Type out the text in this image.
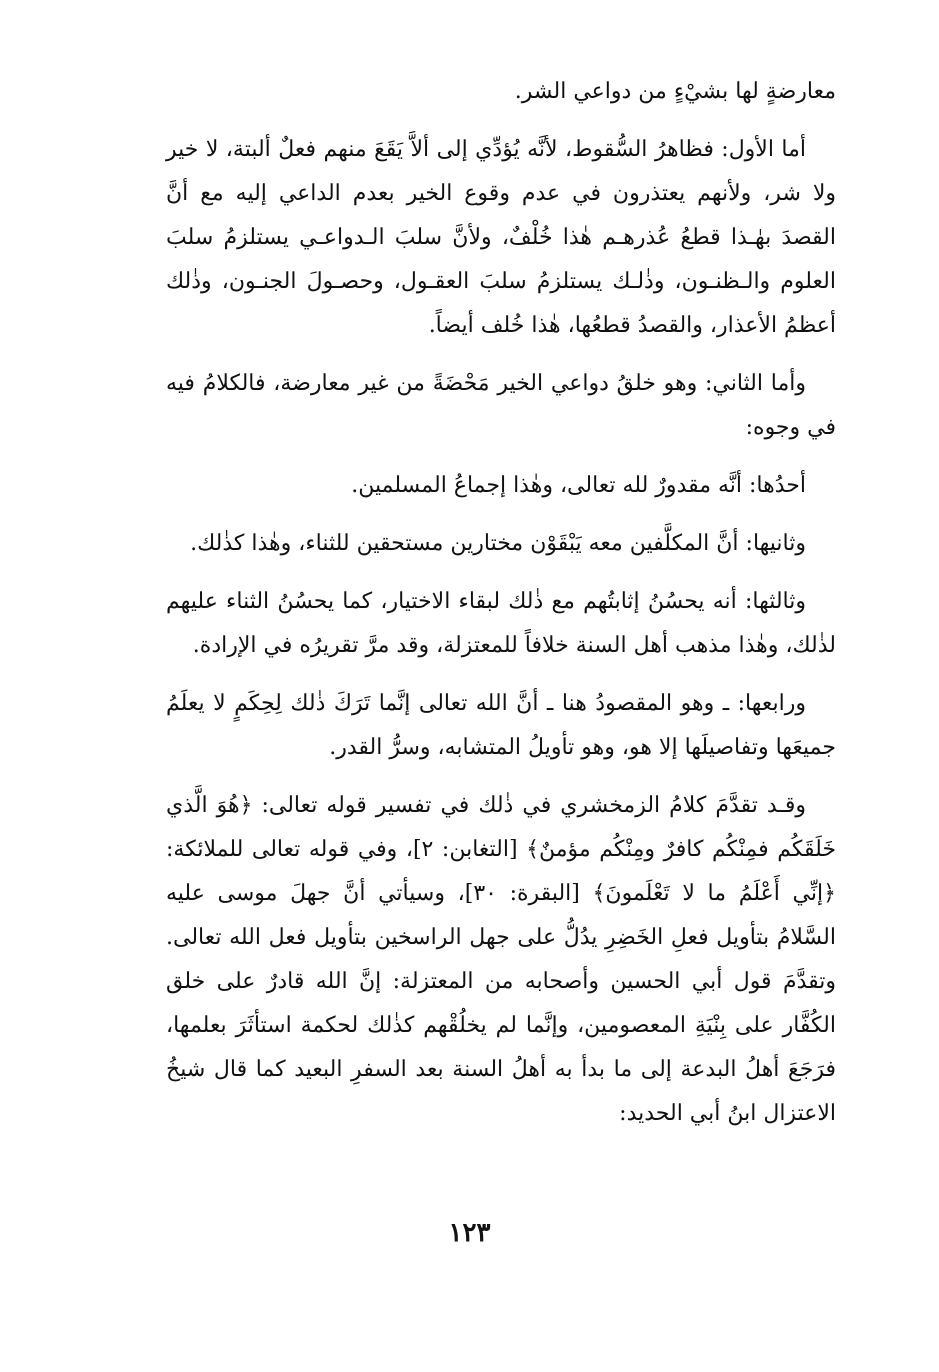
معارضةٍ لها بشيْءٍ من دواعي الشر.

أما الأول: فظاهرُ السُّقوط، لأنَّه يُؤدِّي إلى ألاَّ يَقَعَ منهم فعلٌ ألبتة، لا خير ولا شر، ولأنهم يعتذرون في عدم وقوع الخير بعدم الداعي إليه مع أنَّ القصدَ بهٰـذا قطعُ عُذرهـم هٰذا خُلْفٌ، ولأنَّ سلبَ الـدواعـي يستلزمُ سلبَ العلوم والـظنـون، وذٰلـك يستلزمُ سلبَ العقـول، وحصـولَ الجنـون، وذٰلك أعظمُ الأعذار، والقصدُ قطعُها، هٰذا خُلف أيضاً.

وأما الثاني: وهو خلقُ دواعي الخير مَحْضَةً من غير معارضة، فالكلامُ فيه في وجوه:

أحدُها: أنَّه مقدورٌ لله تعالى، وهٰذا إجماعُ المسلمين.

وثانيها: أنَّ المكلَّفين معه يَبْقَوْن مختارين مستحقين للثناء، وهٰذا كذٰلك.

وثالثها: أنه يحسُنُ إثابتُهم مع ذٰلك لبقاء الاختيار، كما يحسُنُ الثناء عليهم لذٰلك، وهٰذا مذهب أهل السنة خلافاً للمعتزلة، وقد مرَّ تقريرُه في الإرادة.

ورابعها: ـ وهو المقصودُ هنا ـ أنَّ الله تعالى إنَّما تَرَكَ ذٰلك لِحِكَمٍ لا يعلَمُ جميعَها وتفاصيلَها إلا هو، وهو تأويلُ المتشابه، وسرُّ القدر.

وقـد تقدَّمَ كلامُ الزمخشري في ذٰلك في تفسير قوله تعالى: ﴿هُوَ الَّذي خَلَقَكُم فمِنْكُم كافرٌ ومِنْكُم مؤمنٌ﴾ [التغابن: ٢]، وفي قوله تعالى للملائكة: ﴿إنِّي أَعْلَمُ ما لا تَعْلَمونَ﴾ [البقرة: ٣٠]، وسيأتي أنَّ جهلَ موسى عليه السَّلامُ بتأويل فعلِ الخَضِرِ يدُلُّ على جهل الراسخين بتأويل فعل الله تعالى. وتقدَّمَ قول أبي الحسين وأصحابه من المعتزلة: إنَّ الله قادرٌ على خلق الكُفَّار على بِنْيَةِ المعصومين، وإنَّما لم يخلُقْهم كذٰلك لحكمة استأثَرَ بعلمها، فرَجَعَ أهلُ البدعة إلى ما بدأ به أهلُ السنة بعد السفرِ البعيد كما قال شيخُ الاعتزال ابنُ أبي الحديد:

١٢٣
